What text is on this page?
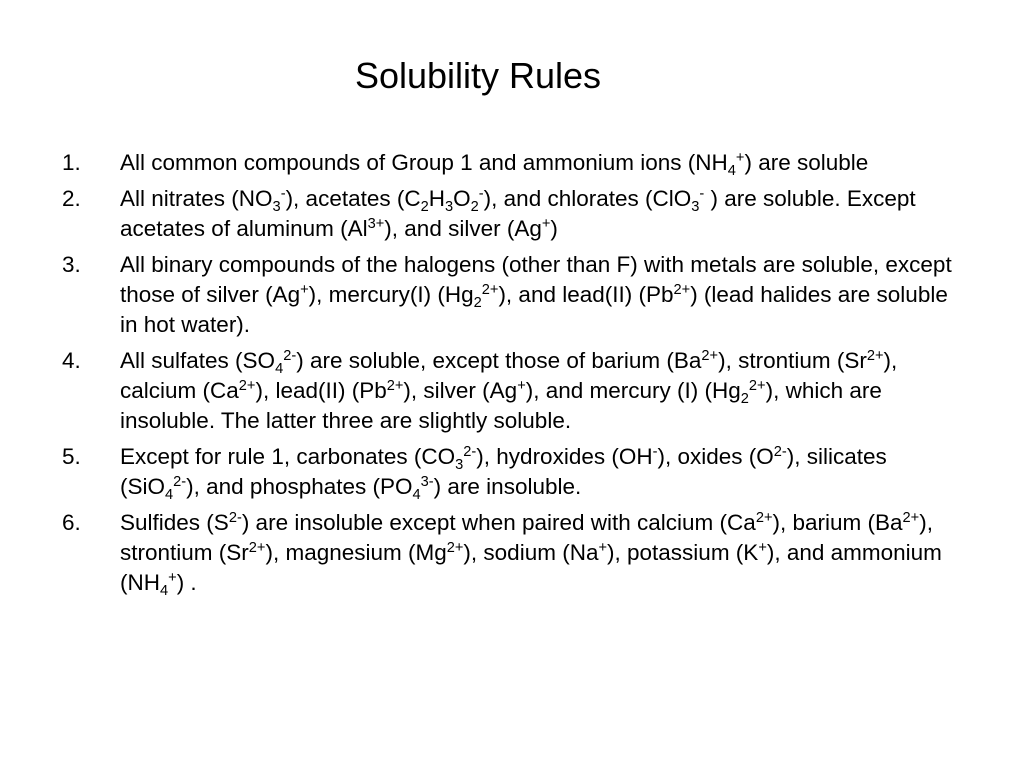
Solubility Rules
1. All common compounds of Group 1 and ammonium ions $(NH_4^+)$ are soluble
2. All nitrates $(NO_3^-)$, acetates $(C_2H_3O_2^-)$, and chlorates (ClO$_3$- ) are soluble. Except acetates of aluminum $(Al^{3+})$, and silver (Ag+)
3. All binary compounds of the halogens (other than F) with metals are soluble, except those of silver (Ag+), mercury(I) $(Hg_2^{2+})$, and lead(II) $(Pb^{2+})$ (lead halides are soluble in hot water).
4. All sulfates $(SO_4^{2-})$ are soluble, except those of barium $(Ba^{2+})$, strontium $(Sr^{2+})$, calcium $(Ca^{2+})$, lead(II) $(Pb^{2+})$, silver (Ag+), and mercury (I) $(Hg_2^{2+})$, which are insoluble. The latter three are slightly soluble.
5. Except for rule 1, carbonates $(CO_3^{2-})$, hydroxides (OH-), oxides $(O^{2-})$, silicates (SiO$_4^{2-}$), and phosphates $(PO_4^{3-})$ are insoluble.
6. Sulfides $(S^{2-})$ are insoluble except when paired with calcium $(Ca^{2+})$, barium $(Ba^{2+})$, strontium $(Sr^{2+})$, magnesium $(Mg^{2+})$, sodium (Na+), potassium (K+), and ammonium $(NH_4^+)$ .
